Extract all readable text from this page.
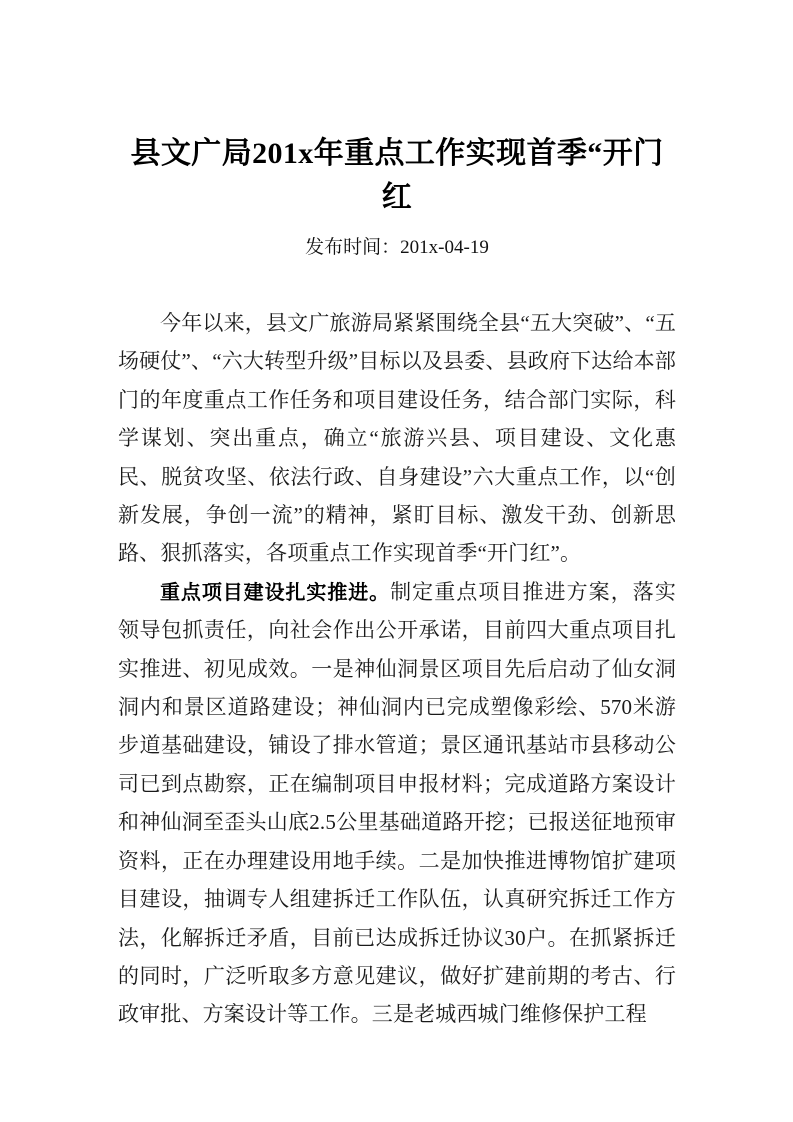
县文广局201x年重点工作实现首季“开门
红
发布时间：201x-04-19

今年以来，县文广旅游局紧紧围绕全县“五大突破”、“五场硬仗”、“六大转型升级”目标以及县委、县政府下达给本部门的年度重点工作任务和项目建设任务，结合部门实际，科学谋划、突出重点，确立“旅游兴县、项目建设、文化惠民、脱贫攻坚、依法行政、自身建设”六大重点工作，以“创新发展，争创一流”的精神，紧盯目标、激发干劲、创新思路、狠抓落实，各项重点工作实现首季“开门红”。

重点项目建设扎实推进。制定重点项目推进方案，落实领导包抓责任，向社会作出公开承诺，目前四大重点项目扎实推进、初见成效。一是神仙洞景区项目先后启动了仙女洞洞内和景区道路建设；神仙洞内已完成塑像彩绘、570米游步道基础建设，铺设了排水管道；景区通讯基站市县移动公司已到点勘察，正在编制项目申报材料；完成道路方案设计和神仙洞至歪头山底2.5公里基础道路开挖；已报送征地预审资料，正在办理建设用地手续。二是加快推进博物馆扩建项目建设，抽调专人组建拆迁工作队伍，认真研究拆迁工作方法，化解拆迁矛盾，目前已达成拆迁协议30户。在抓紧拆迁的同时，广泛听取多方意见建议，做好扩建前期的考古、行政审批、方案设计等工作。三是老城西城门维修保护工程
